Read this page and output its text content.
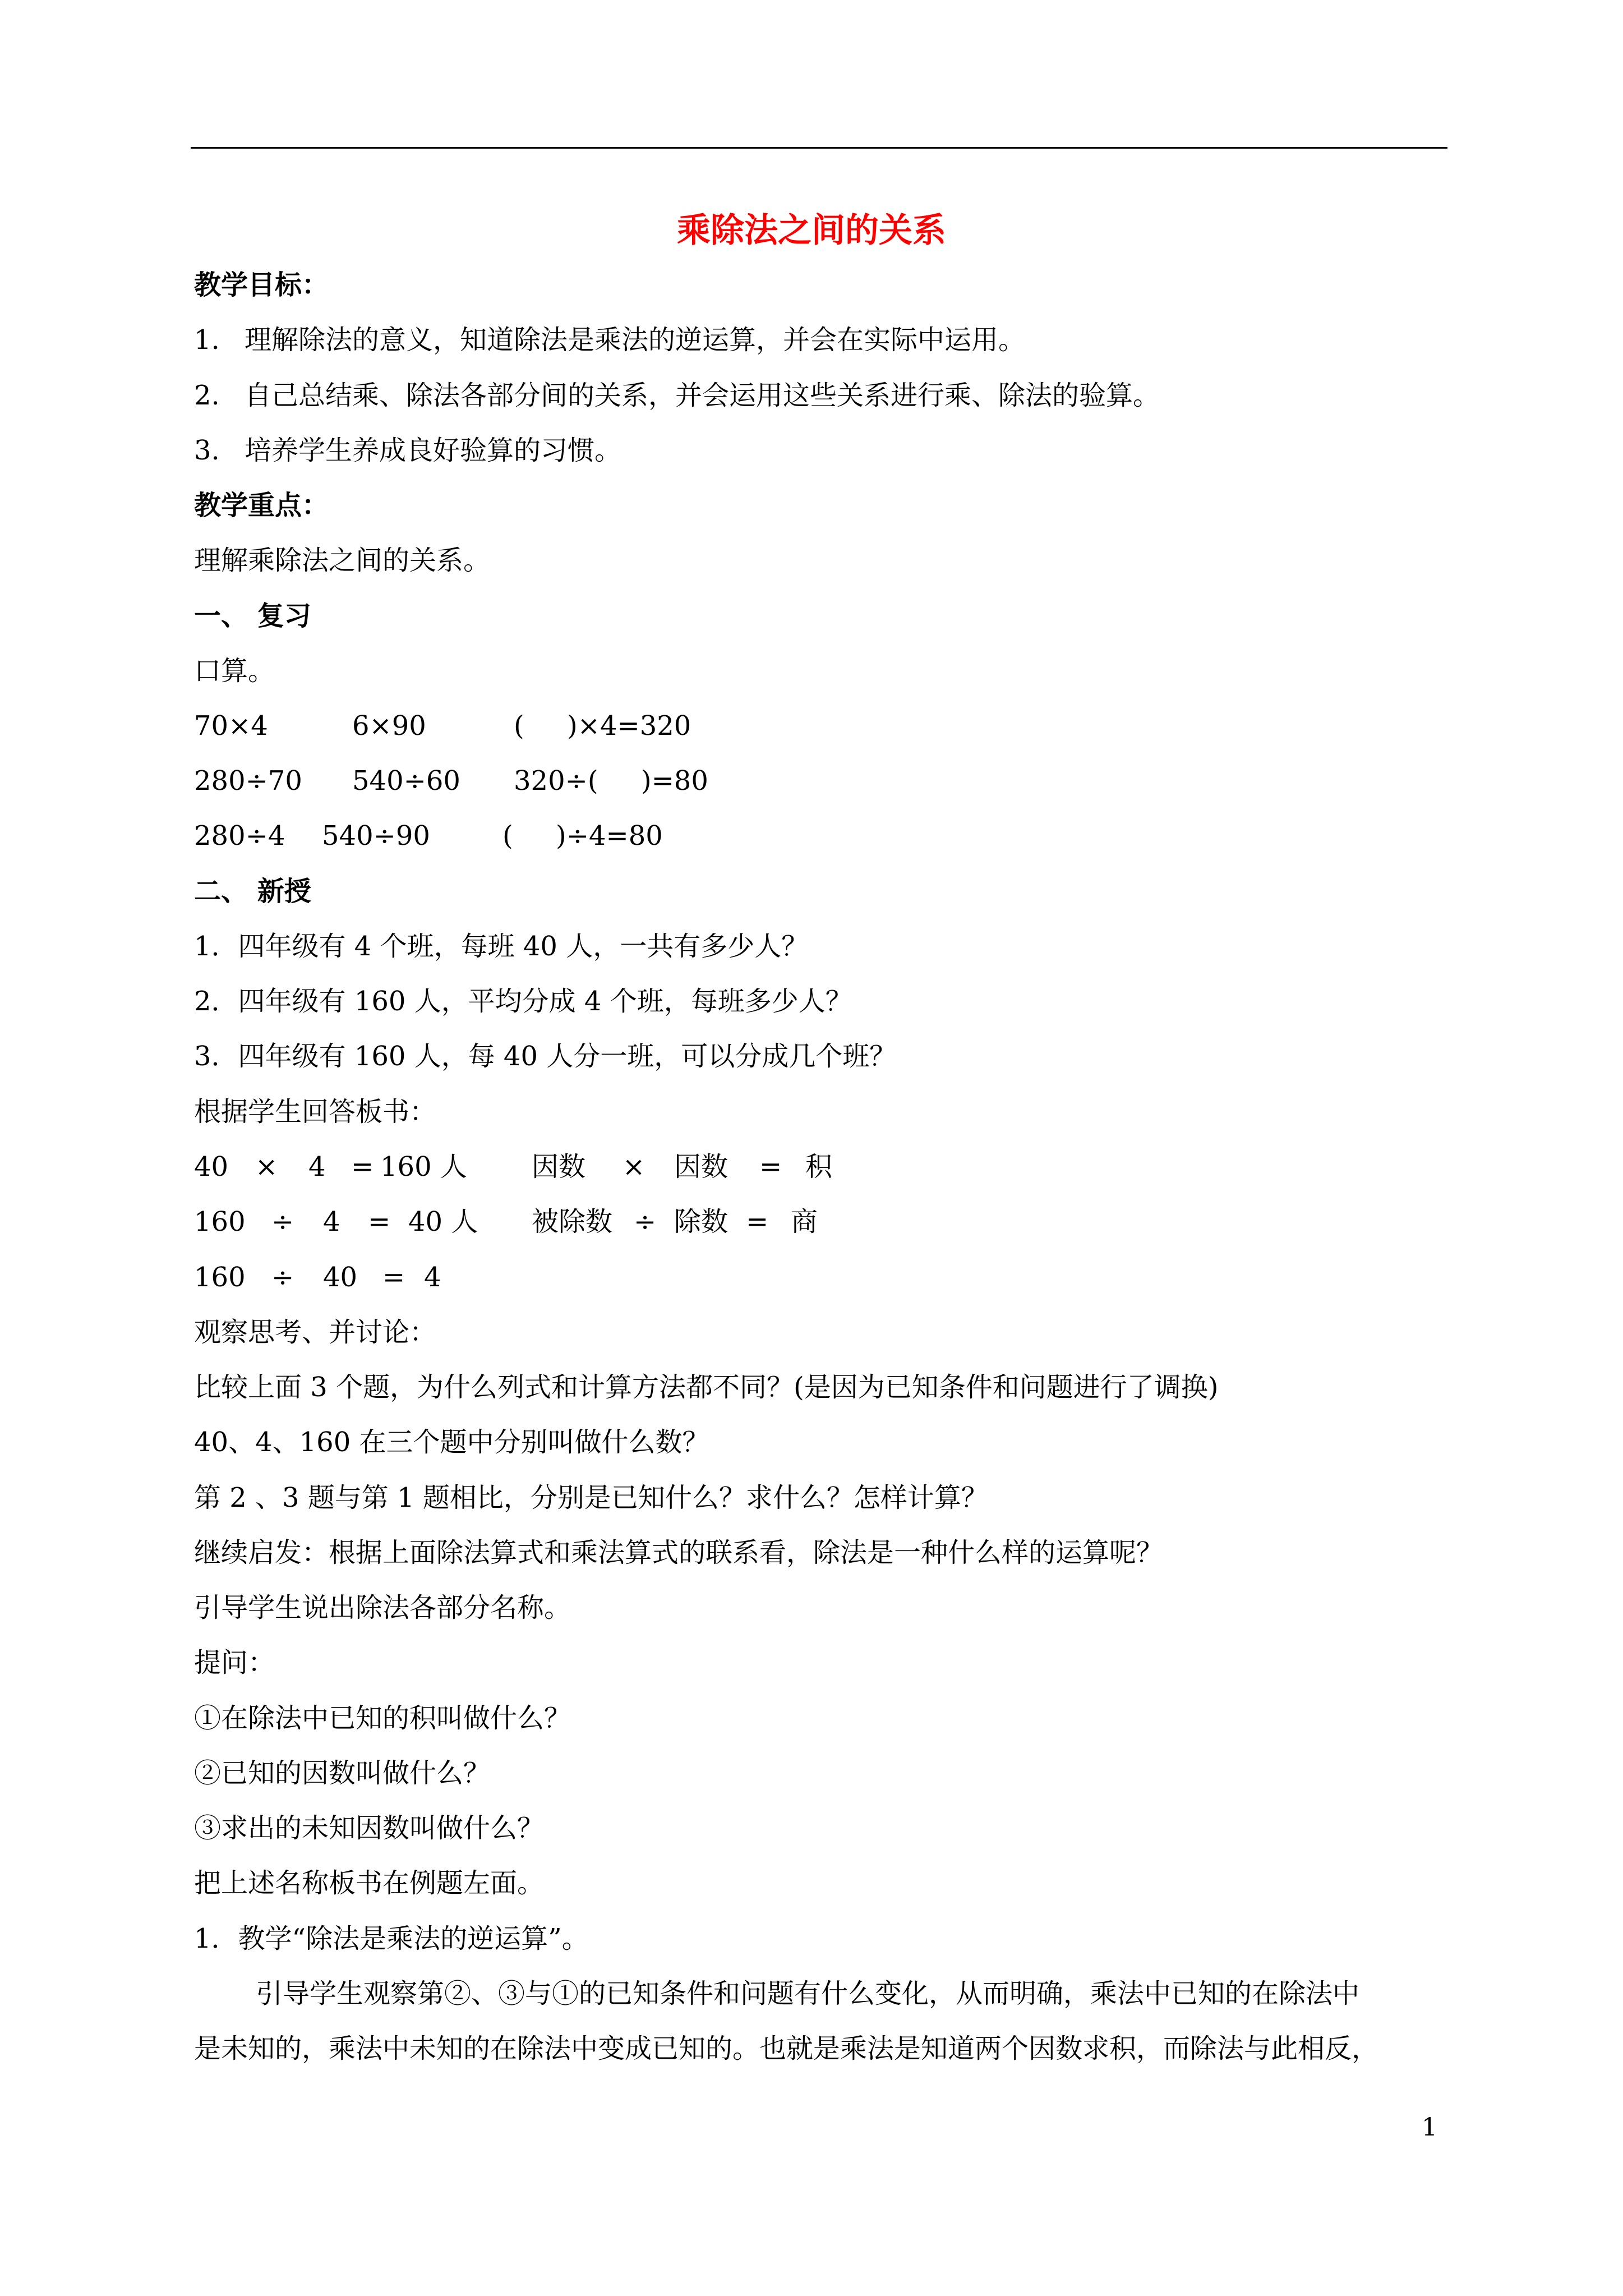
乘除法之间的关系
教学目标：
1. 理解除法的意义，知道除法是乘法的逆运算，并会在实际中运用。
2. 自己总结乘、除法各部分间的关系，并会运用这些关系进行乘、除法的验算。
3. 培养学生养成良好验算的习惯。
教学重点：
理解乘除法之间的关系。
一、 复习
口算。
70×4	6×90	(     )×4=320
280÷70 540÷60 320÷(     )=80
280÷4 540÷90	(     )÷4=80
二、 新授
1．四年级有 4 个班，每班 40 人，一共有多少人？
2．四年级有 160 人，平均分成 4 个班，每班多少人？
3．四年级有 160 人，每 40 人分一班，可以分成几个班？
根据学生回答板书：
40 × 4 = 160 人 因数 × 因数 = 积
160 ÷ 4 = 40 人 被除数 ÷ 除数 = 商
160 ÷ 40 = 4
观察思考、并讨论：
比较上面 3 个题，为什么列式和计算方法都不同？(是因为已知条件和问题进行了调换)
40、4、160 在三个题中分别叫做什么数？
第 2 、3 题与第 1 题相比，分别是已知什么？求什么？怎样计算？
继续启发：根据上面除法算式和乘法算式的联系看，除法是一种什么样的运算呢？
引导学生说出除法各部分名称。
提问：
①在除法中已知的积叫做什么？
②已知的因数叫做什么？
③求出的未知因数叫做什么？
把上述名称板书在例题左面。
1．教学“除法是乘法的逆运算”。
引导学生观察第②、③与①的已知条件和问题有什么变化，从而明确，乘法中已知的在除法中
是未知的，乘法中未知的在除法中变成已知的。也就是乘法是知道两个因数求积，而除法与此相反，
1
